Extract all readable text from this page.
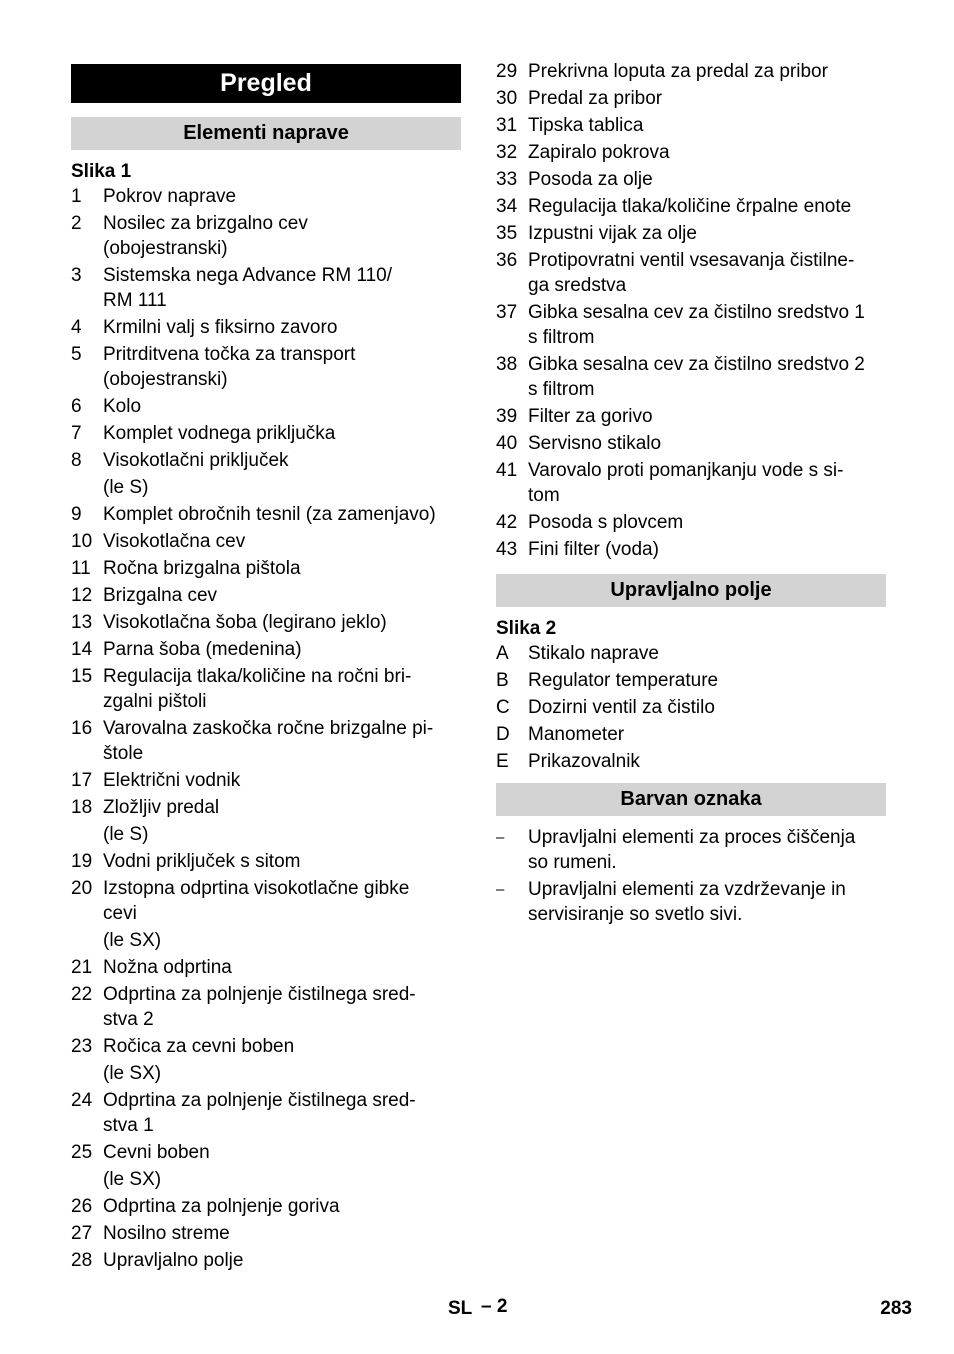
Pregled
Elementi naprave
Slika 1
1	Pokrov naprave
2	Nosilec za brizgalno cev
(obojestranski)
3	Sistemska nega Advance RM 110/
RM 111
4	Krmilni valj s fiksirno zavoro
5	Pritrditvena točka za transport
(obojestranski)
6	Kolo
7	Komplet vodnega priključka
8	Visokotlačni priključek
(le S)
9	Komplet obročnih tesnil (za zamenjavo)
10 Visokotlačna cev
11 Ročna brizgalna pištola
12 Brizgalna cev
13 Visokotlačna šoba (legirano jeklo)
14 Parna šoba (medenina)
15 Regulacija tlaka/količine na ročni bri-
zgalni pištoli
16 Varovalna zaskočka ročne brizgalne pi-
štole
17 Električni vodnik
18 Zložljiv predal
(le S)
19 Vodni priključek s sitom
20 Izstopna odprtina visokotlačne gibke
cevi
(le SX)
21 Nožna odprtina
22 Odprtina za polnjenje čistilnega sred-
stva 2
23 Ročica za cevni boben
(le SX)
24 Odprtina za polnjenje čistilnega sred-
stva 1
25 Cevni boben
(le SX)
26 Odprtina za polnjenje goriva
27 Nosilno streme
28 Upravljalno polje
29 Prekrivna loputa za predal za pribor
30 Predal za pribor
31 Tipska tablica
32 Zapiralo pokrova
33 Posoda za olje
34 Regulacija tlaka/količine črpalne enote
35 Izpustni vijak za olje
36 Protipovratni ventil vsesavanja čistilne-
ga sredstva
37 Gibka sesalna cev za čistilno sredstvo 1
s filtrom
38 Gibka sesalna cev za čistilno sredstvo 2
s filtrom
39 Filter za gorivo
40 Servisno stikalo
41 Varovalo proti pomanjkanju vode s si-
tom
42 Posoda s plovcem
43 Fini filter (voda)
Upravljalno polje
Slika 2
A	Stikalo naprave
B	Regulator temperature
C Dozirni ventil za čistilo
D Manometer
E	Prikazovalnik
Barvan oznaka
–	Upravljalni elementi za proces čiščenja
so rumeni.
–	Upravljalni elementi za vzdrževanje in
servisiranje so svetlo sivi.
SL – 2	283
